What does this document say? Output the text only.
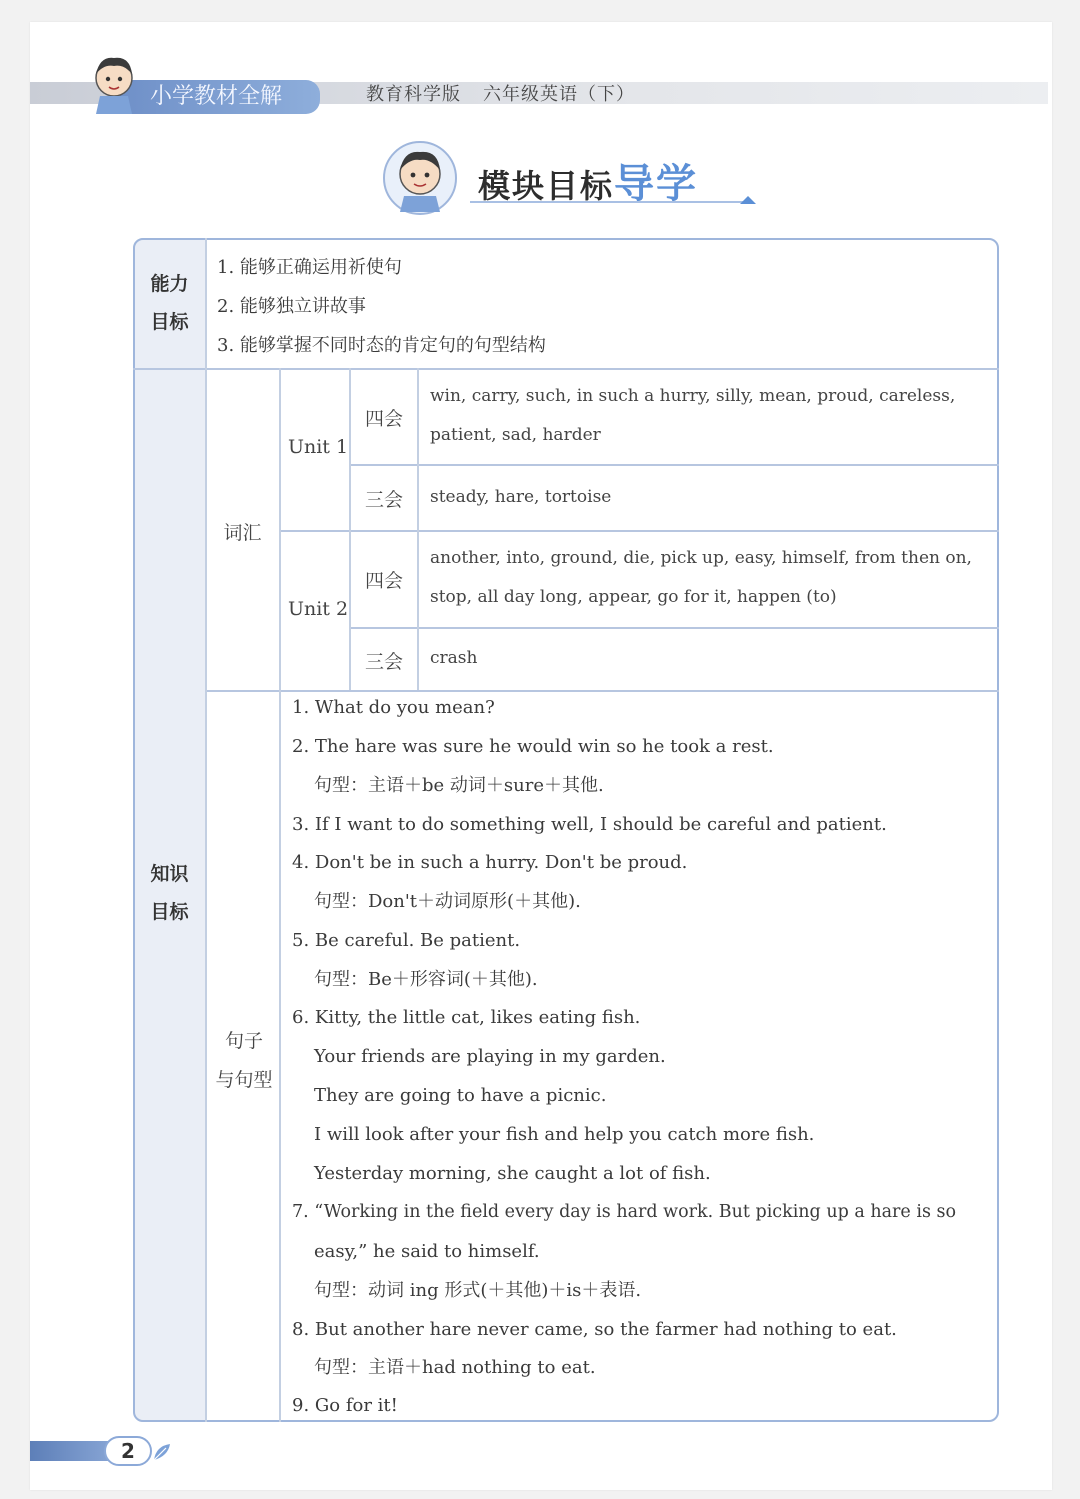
小学教材全解	教育科学版 六年级英语（下）
模块目标导学
能力
目标
1. 能够正确运用祈使句
2. 能够独立讲故事
3. 能够掌握不同时态的肯定句的句型结构
知识
目标
词汇
Unit 1
Unit 2
四会
三会
四会
三会
win, carry, such, in such a hurry, silly, mean, proud, careless, patient, sad, harder
steady, hare, tortoise
another, into, ground, die, pick up, easy, himself, from then on, stop, all day long, appear, go for it, happen (to)
crash
句子
与句型
1. What do you mean?
2. The hare was sure he would win so he took a rest.
句型：主语＋be 动词＋sure＋其他.
3. If I want to do something well, I should be careful and patient.
4. Don't be in such a hurry. Don't be proud.
句型：Don't＋动词原形(＋其他).
5. Be careful. Be patient.
句型：Be＋形容词(＋其他).
6. Kitty, the little cat, likes eating fish.
Your friends are playing in my garden.
They are going to have a picnic.
I will look after your fish and help you catch more fish.
Yesterday morning, she caught a lot of fish.
7. “Working in the field every day is hard work. But picking up a hare is so
easy,” he said to himself.
句型：动词 ing 形式(＋其他)＋is＋表语.
8. But another hare never came, so the farmer had nothing to eat.
句型：主语＋had nothing to eat.
9. Go for it!
2
